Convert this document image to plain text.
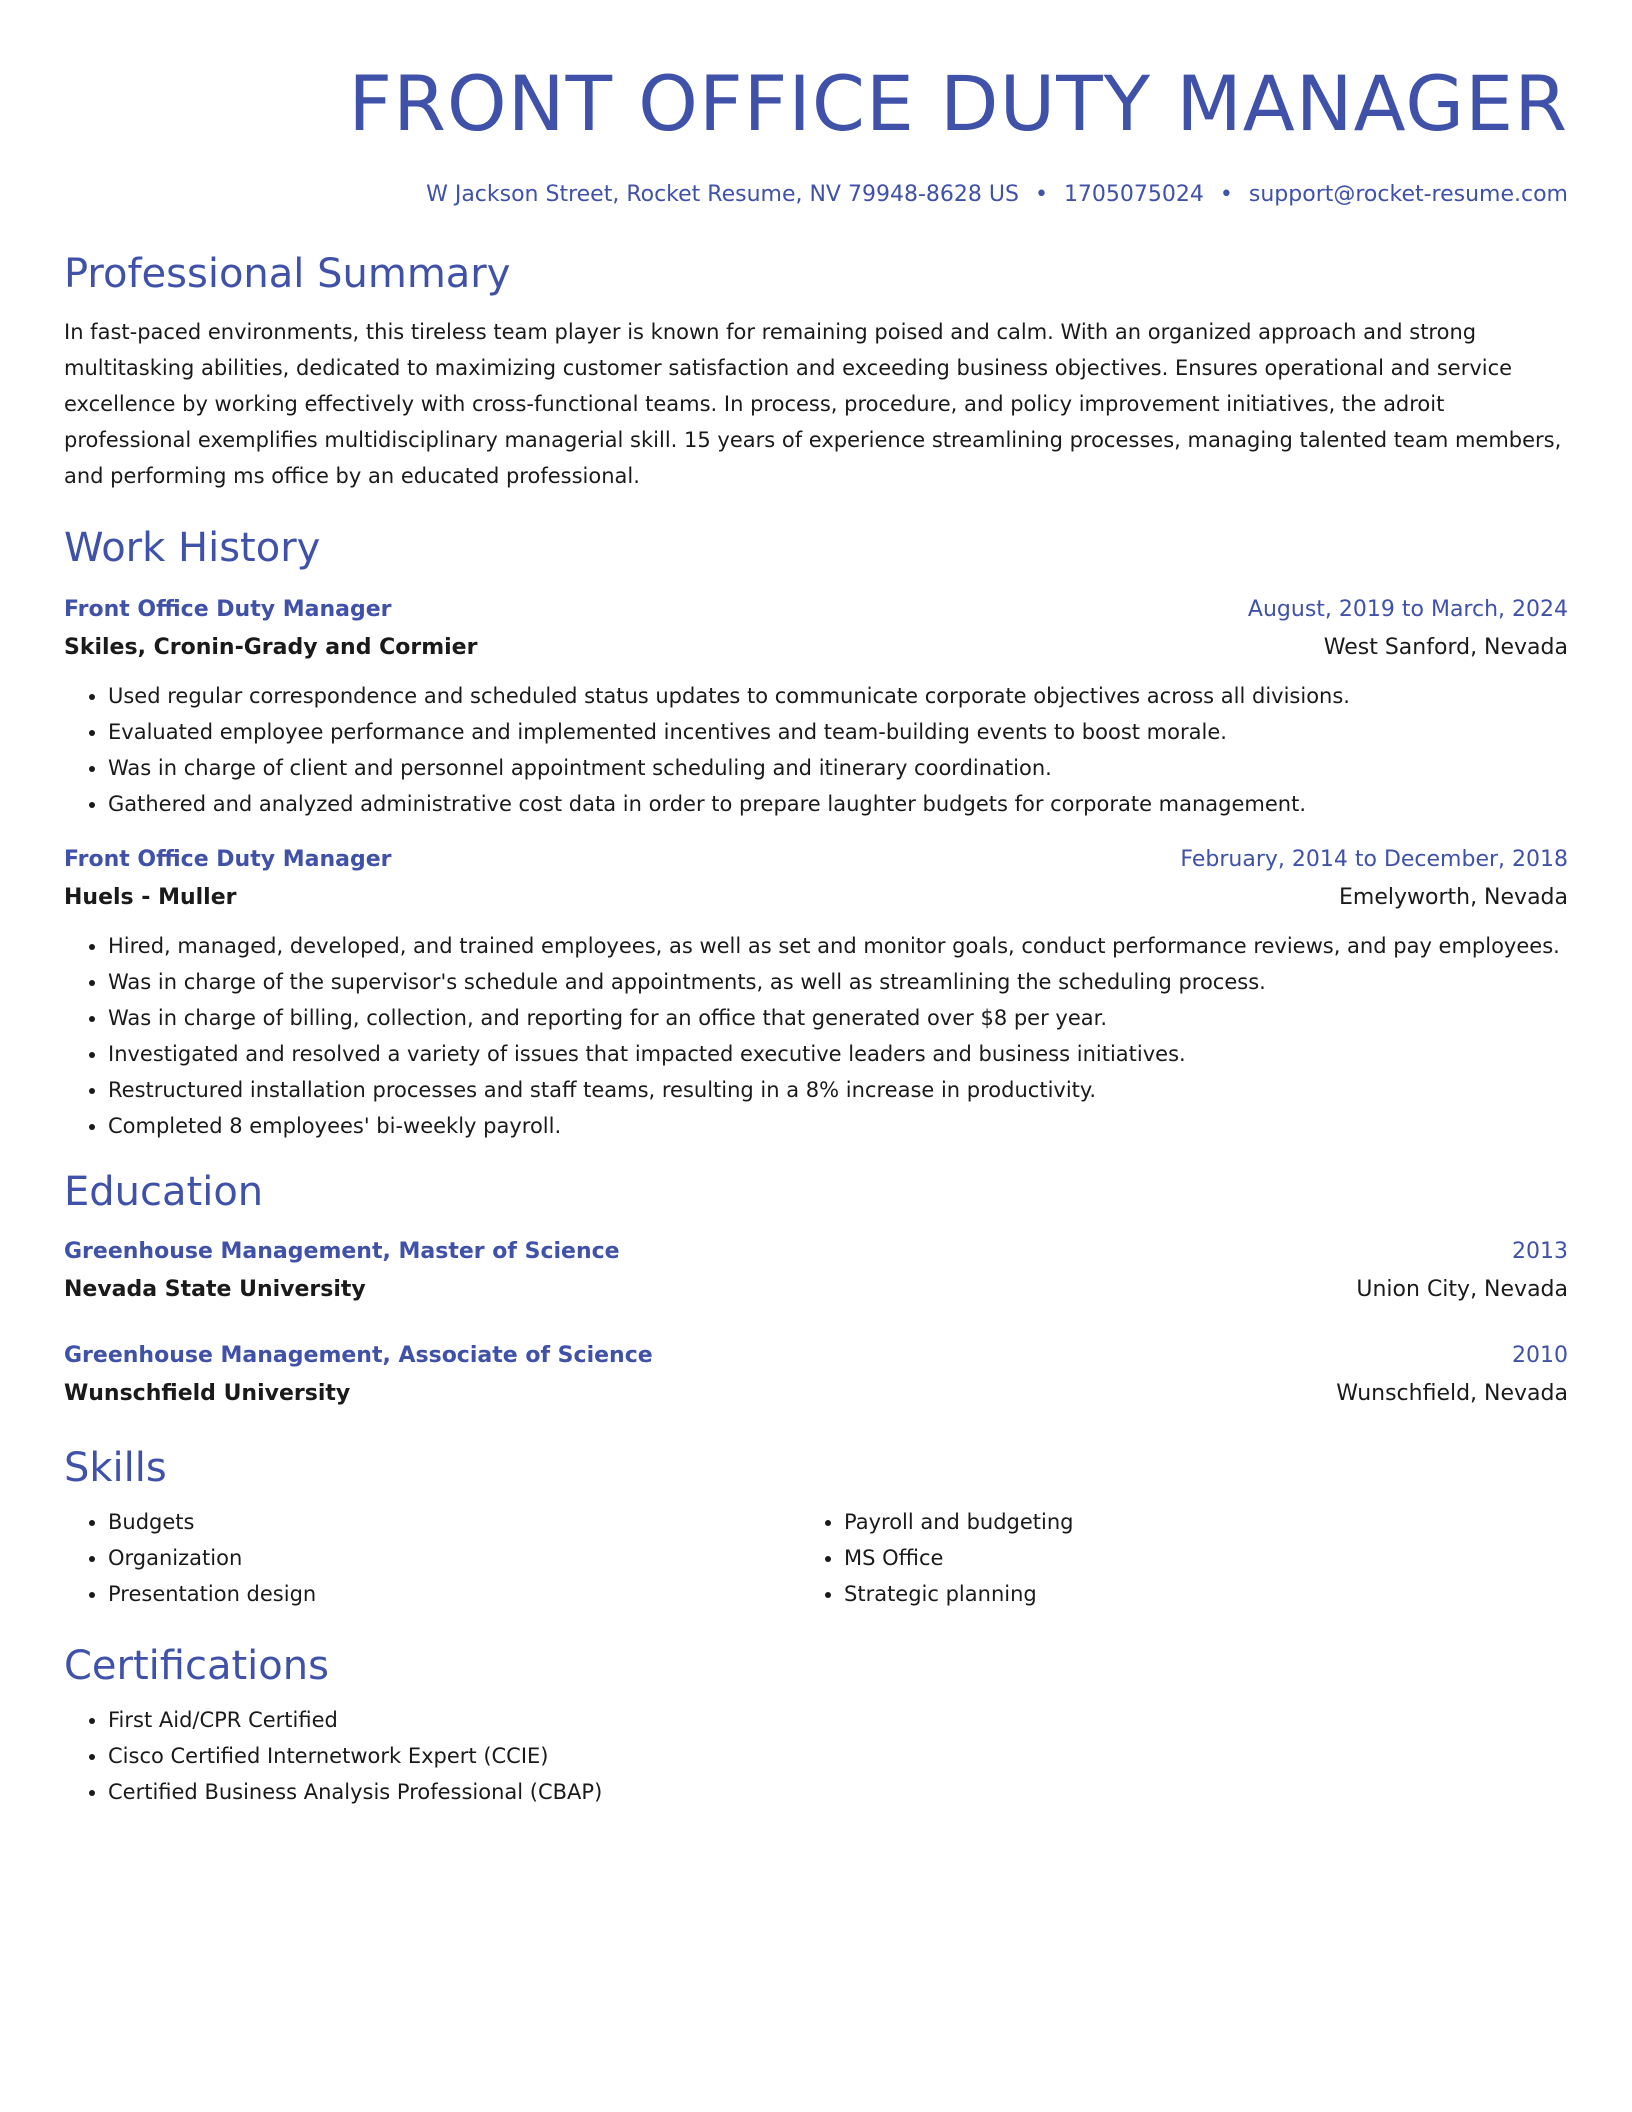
FRONT OFFICE DUTY MANAGER
W Jackson Street, Rocket Resume, NV 79948-8628 US • 1705075024 • support@rocket-resume.com
Professional Summary
In fast-paced environments, this tireless team player is known for remaining poised and calm. With an organized approach and strong multitasking abilities, dedicated to maximizing customer satisfaction and exceeding business objectives. Ensures operational and service excellence by working effectively with cross-functional teams. In process, procedure, and policy improvement initiatives, the adroit professional exemplifies multidisciplinary managerial skill. 15 years of experience streamlining processes, managing talented team members, and performing ms office by an educated professional.
Work History
Front Office Duty Manager	August, 2019 to March, 2024
Skiles, Cronin-Grady and Cormier	West Sanford, Nevada
• Used regular correspondence and scheduled status updates to communicate corporate objectives across all divisions.
• Evaluated employee performance and implemented incentives and team-building events to boost morale.
• Was in charge of client and personnel appointment scheduling and itinerary coordination.
• Gathered and analyzed administrative cost data in order to prepare laughter budgets for corporate management.
Front Office Duty Manager	February, 2014 to December, 2018
Huels - Muller	Emelyworth, Nevada
• Hired, managed, developed, and trained employees, as well as set and monitor goals, conduct performance reviews, and pay employees.
• Was in charge of the supervisor's schedule and appointments, as well as streamlining the scheduling process.
• Was in charge of billing, collection, and reporting for an office that generated over $8 per year.
• Investigated and resolved a variety of issues that impacted executive leaders and business initiatives.
• Restructured installation processes and staff teams, resulting in a 8% increase in productivity.
• Completed 8 employees' bi-weekly payroll.
Education
Greenhouse Management, Master of Science	2013
Nevada State University	Union City, Nevada
Greenhouse Management, Associate of Science	2010
Wunschfield University	Wunschfield, Nevada
Skills
• Budgets
• Organization
• Presentation design
• Payroll and budgeting
• MS Office
• Strategic planning
Certifications
• First Aid/CPR Certified
• Cisco Certified Internetwork Expert (CCIE)
• Certified Business Analysis Professional (CBAP)
